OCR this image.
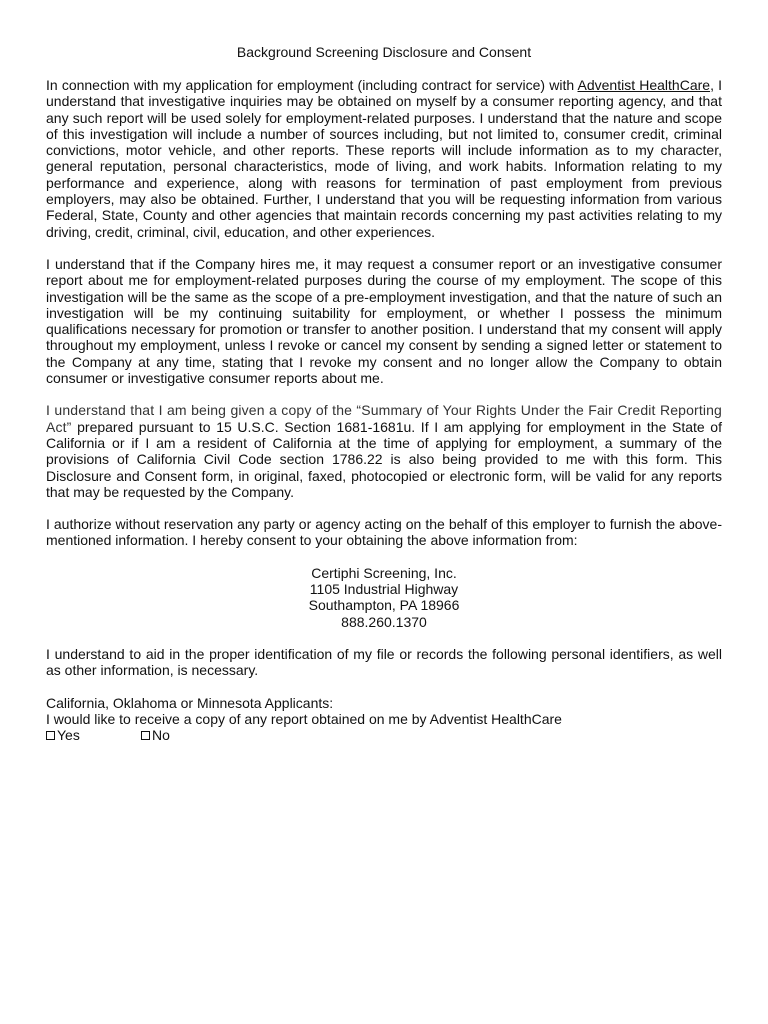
Background Screening Disclosure and Consent

In connection with my application for employment (including contract for service) with Adventist HealthCare, I understand that investigative inquiries may be obtained on myself by a consumer reporting agency, and that any such report will be used solely for employment-related purposes. I understand that the nature and scope of this investigation will include a number of sources including, but not limited to, consumer credit, criminal convictions, motor vehicle, and other reports. These reports will include information as to my character, general reputation, personal characteristics, mode of living, and work habits. Information relating to my performance and experience, along with reasons for termination of past employment from previous employers, may also be obtained. Further, I understand that you will be requesting information from various Federal, State, County and other agencies that maintain records concerning my past activities relating to my driving, credit, criminal, civil, education, and other experiences.

I understand that if the Company hires me, it may request a consumer report or an investigative consumer report about me for employment-related purposes during the course of my employment. The scope of this investigation will be the same as the scope of a pre-employment investigation, and that the nature of such an investigation will be my continuing suitability for employment, or whether I possess the minimum qualifications necessary for promotion or transfer to another position. I understand that my consent will apply throughout my employment, unless I revoke or cancel my consent by sending a signed letter or statement to the Company at any time, stating that I revoke my consent and no longer allow the Company to obtain consumer or investigative consumer reports about me.

I understand that I am being given a copy of the “Summary of Your Rights Under the Fair Credit Reporting Act” prepared pursuant to 15 U.S.C. Section 1681-1681u. If I am applying for employment in the State of California or if I am a resident of California at the time of applying for employment, a summary of the provisions of California Civil Code section 1786.22 is also being provided to me with this form. This Disclosure and Consent form, in original, faxed, photocopied or electronic form, will be valid for any reports that may be requested by the Company.

I authorize without reservation any party or agency acting on the behalf of this employer to furnish the above-mentioned information. I hereby consent to your obtaining the above information from:

Certiphi Screening, Inc.
1105 Industrial Highway
Southampton, PA 18966
888.260.1370

I understand to aid in the proper identification of my file or records the following personal identifiers, as well as other information, is necessary.

California, Oklahoma or Minnesota Applicants:
I would like to receive a copy of any report obtained on me by Adventist HealthCare
Yes	No
